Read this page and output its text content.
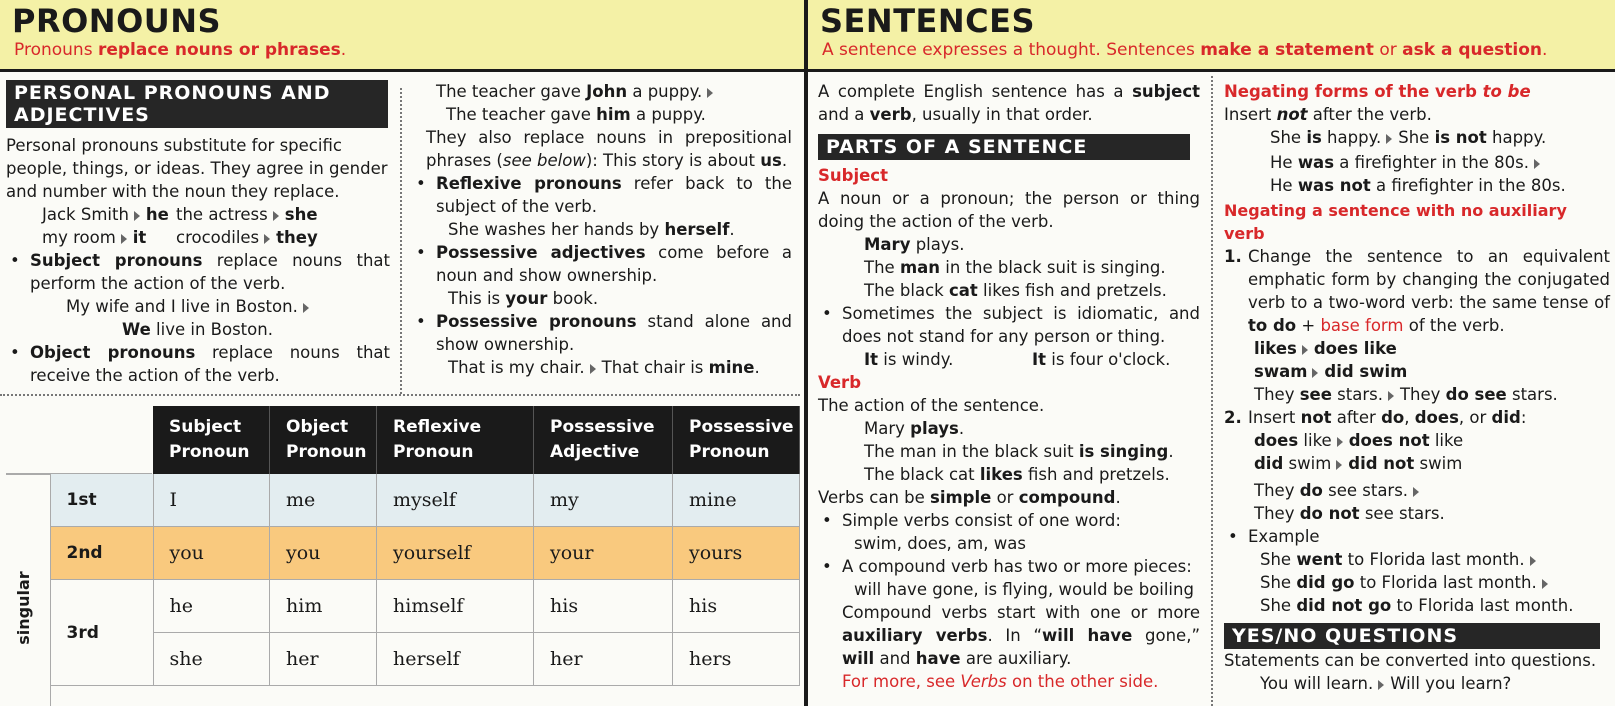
PRONOUNS
Pronouns replace nouns or phrases.
SENTENCES
A sentence expresses a thought. Sentences make a statement or ask a question.
PERSONAL PRONOUNS AND
ADJECTIVES

Personal pronouns substitute for specific people, things, or ideas. They agree in gender and number with the noun they replace.

Jack Smith he the actress she

my room it crocodiles they

• Subject pronouns replace nouns that perform the action of the verb.

My wife and I live in Boston.

We live in Boston.

• Object pronouns replace nouns that receive the action of the verb.

The teacher gave John a puppy.

The teacher gave him a puppy.

They also replace nouns in prepositional phrases (see below): This story is about us.

• Reflexive pronouns refer back to the subject of the verb.

She washes her hands by herself.

• Possessive adjectives come before a noun and show ownership.

This is your book.

• Possessive pronouns stand alone and show ownership.

That is my chair. That chair is mine.

		Subject Pronoun	Object Pronoun	Reflexive Pronoun	Possessive Adjective	Possessive Pronoun
	1st	I	me	myself	my	mine
	2nd	you	you	yourself	your	yours
	3rd	he	him	himself	his	his
		she	her	herself	her	hers
singular

A complete English sentence has a subject and a verb, usually in that order.

PARTS OF A SENTENCE

Subject

A noun or a pronoun; the person or thing doing the action of the verb.

Mary plays.

The man in the black suit is singing.

The black cat likes fish and pretzels.

• Sometimes the subject is idiomatic, and does not stand for any person or thing.

It is windy.	It is four o'clock.

Verb

The action of the sentence.

Mary plays.

The man in the black suit is singing.

The black cat likes fish and pretzels.

Verbs can be simple or compound.

• Simple verbs consist of one word:

swim, does, am, was

• A compound verb has two or more pieces:

will have gone, is flying, would be boiling

Compound verbs start with one or more auxiliary verbs. In “will have gone,” will and have are auxiliary.

For more, see Verbs on the other side.

Negating forms of the verb to be

Insert not after the verb.

She is happy. She is not happy.

He was a firefighter in the 80s.

He was not a firefighter in the 80s.

Negating a sentence with no auxiliary verb

1. Change the sentence to an equivalent emphatic form by changing the conjugated verb to a two-word verb: the same tense of to do + base form of the verb.

likes does like

swam did swim

They see stars. They do see stars.

2. Insert not after do, does, or did:

does like does not like

did swim did not swim

They do see stars.

They do not see stars.

• Example

She went to Florida last month.

She did go to Florida last month.

She did not go to Florida last month.

YES/NO QUESTIONS

Statements can be converted into questions.

You will learn. Will you learn?
